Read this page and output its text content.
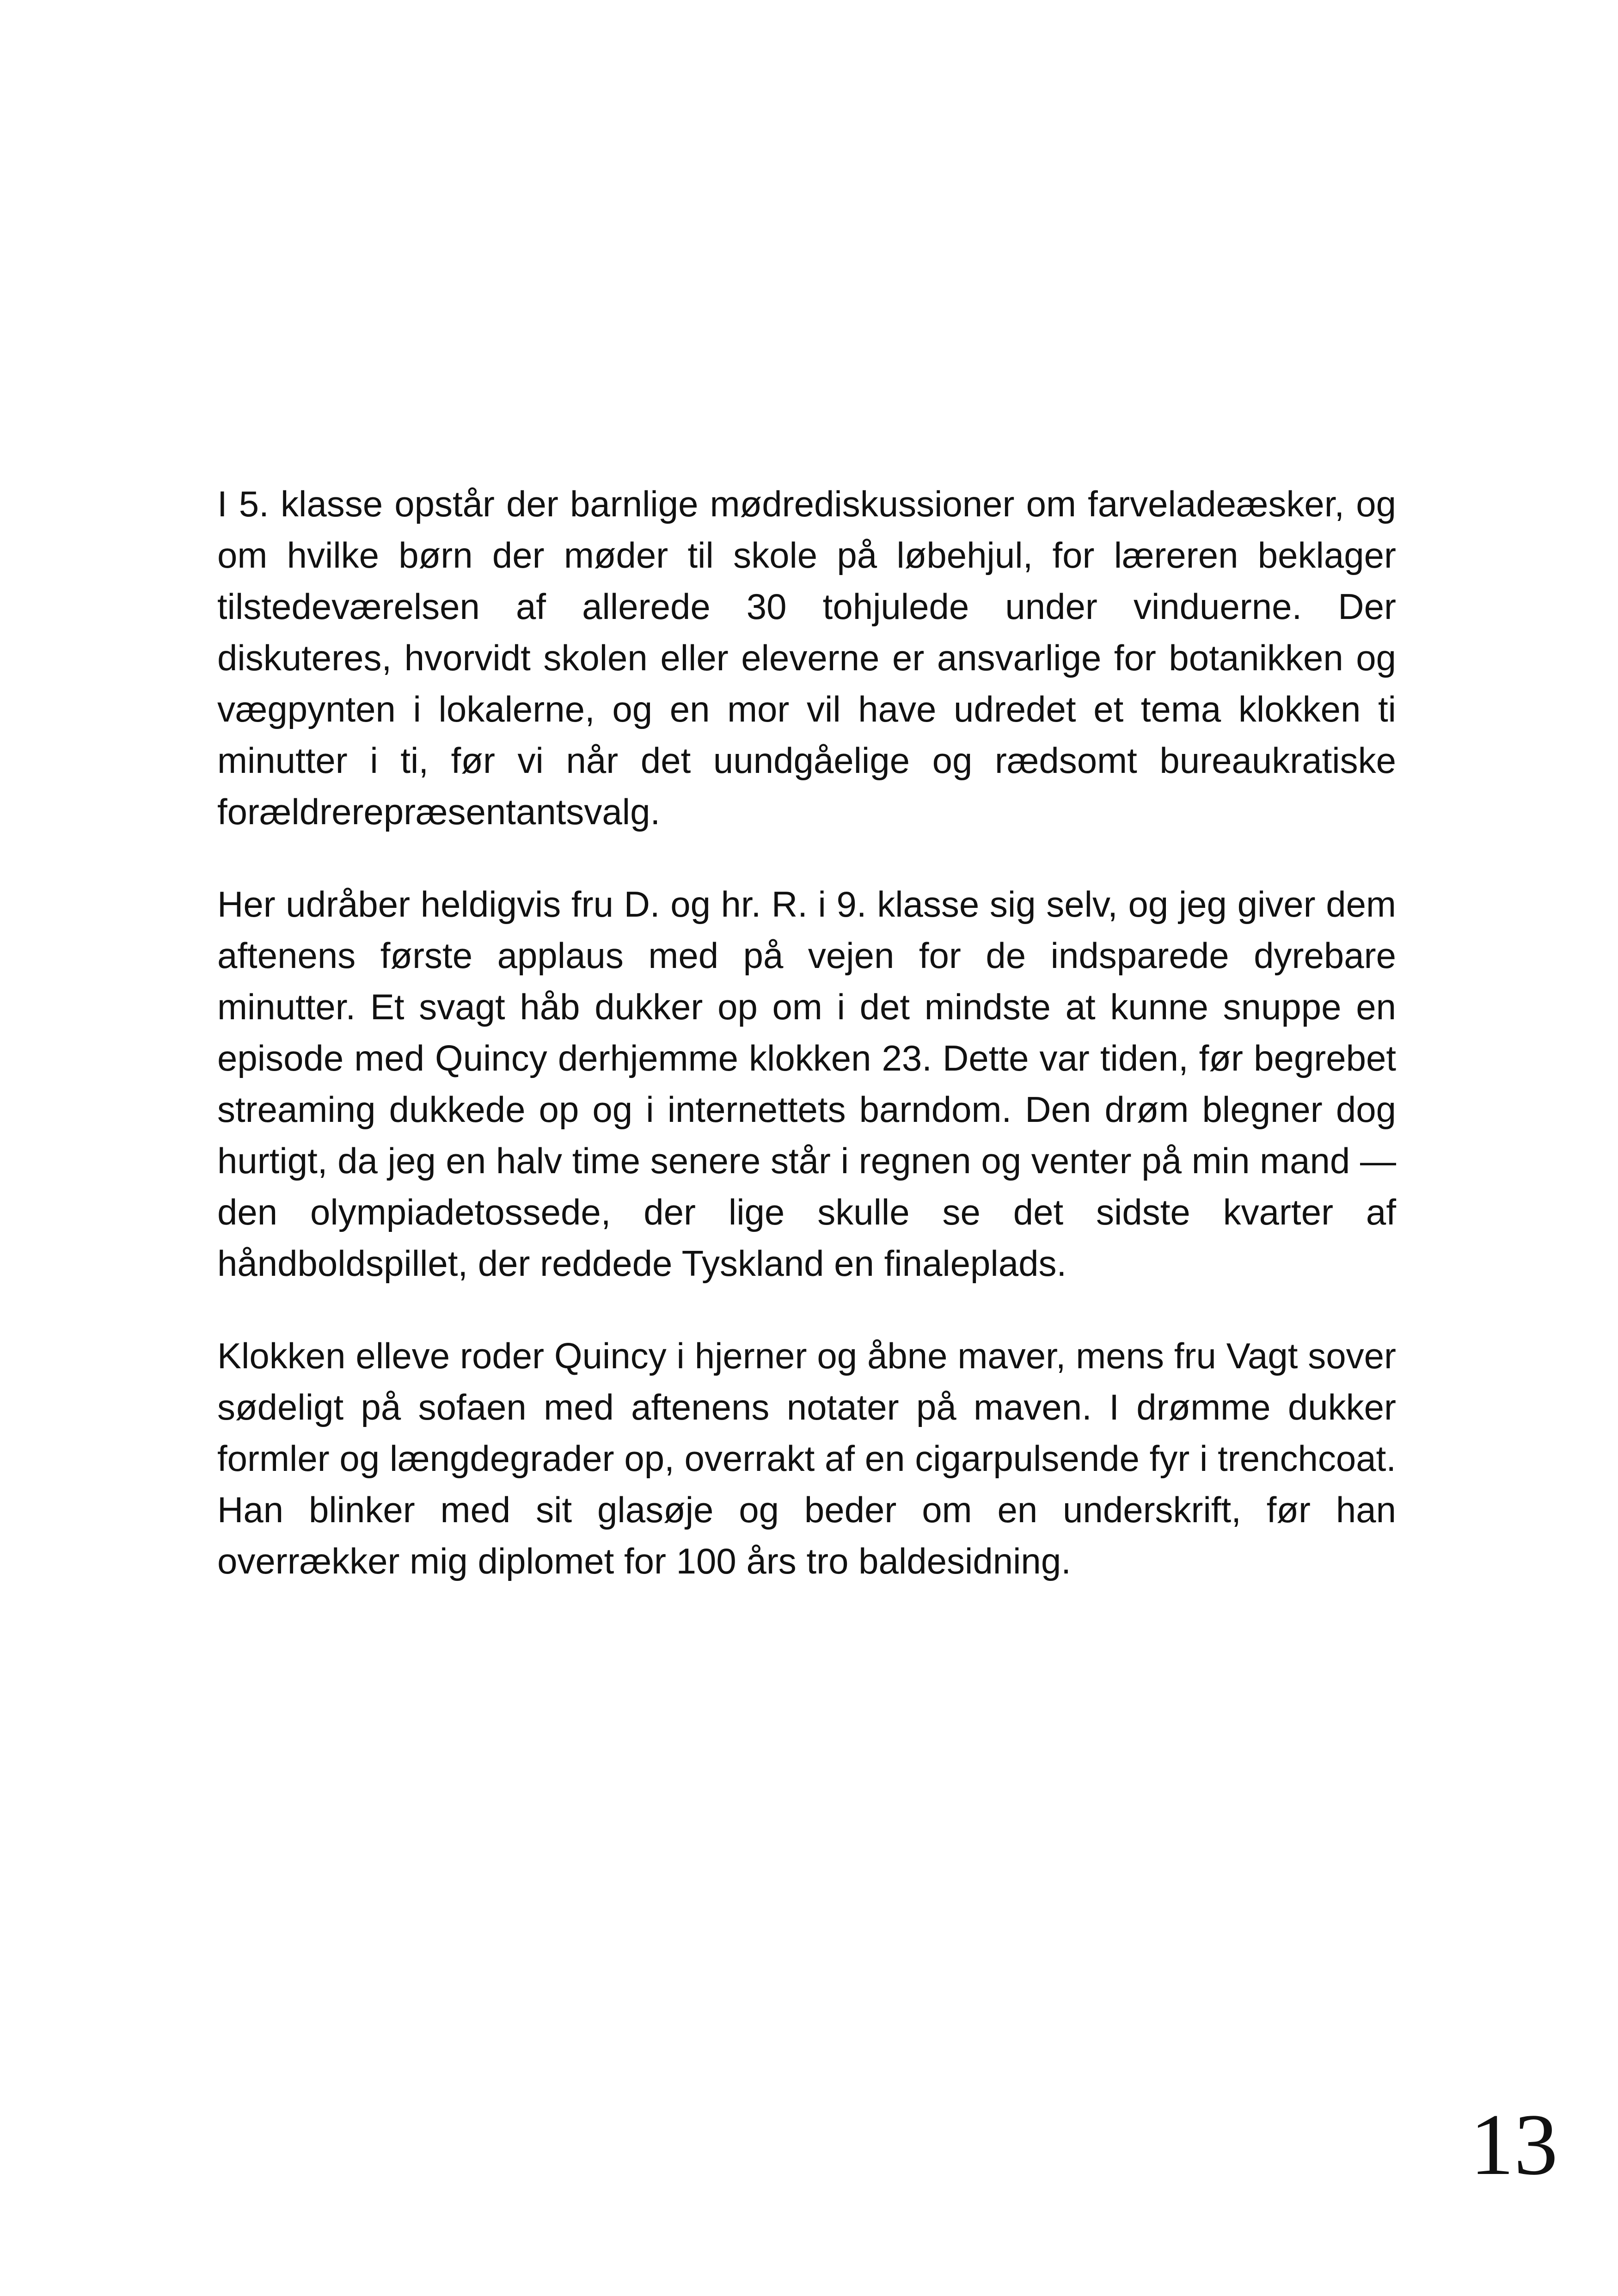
I 5. klasse opstår der barnlige mødrediskussioner om farveladeæsker, og om hvilke børn der møder til skole på løbehjul, for læreren beklager tilstedeværelsen af allerede 30 tohjulede under vinduerne. Der diskuteres, hvorvidt skolen eller eleverne er ansvarlige for botanikken og vægpynten i lokalerne, og en mor vil have udredet et tema klokken ti minutter i ti, før vi når det uundgåelige og rædsomt bureaukratiske forældrerepræsentantsvalg.

Her udråber heldigvis fru D. og hr. R. i 9. klasse sig selv, og jeg giver dem aftenens første applaus med på vejen for de indsparede dyrebare minutter. Et svagt håb dukker op om i det mindste at kunne snuppe en episode med Quincy derhjemme klokken 23. Dette var tiden, før begrebet streaming dukkede op og i internettets barndom. Den drøm blegner dog hurtigt, da jeg en halv time senere står i regnen og venter på min mand — den olympiadetossede, der lige skulle se det sidste kvarter af håndboldspillet, der reddede Tyskland en finaleplads.

Klokken elleve roder Quincy i hjerner og åbne maver, mens fru Vagt sover sødeligt på sofaen med aftenens notater på maven. I drømme dukker formler og længdegrader op, overrakt af en cigarpulsende fyr i trenchcoat. Han blinker med sit glasøje og beder om en underskrift, før han overrækker mig diplomet for 100 års tro baldesidning.

13
